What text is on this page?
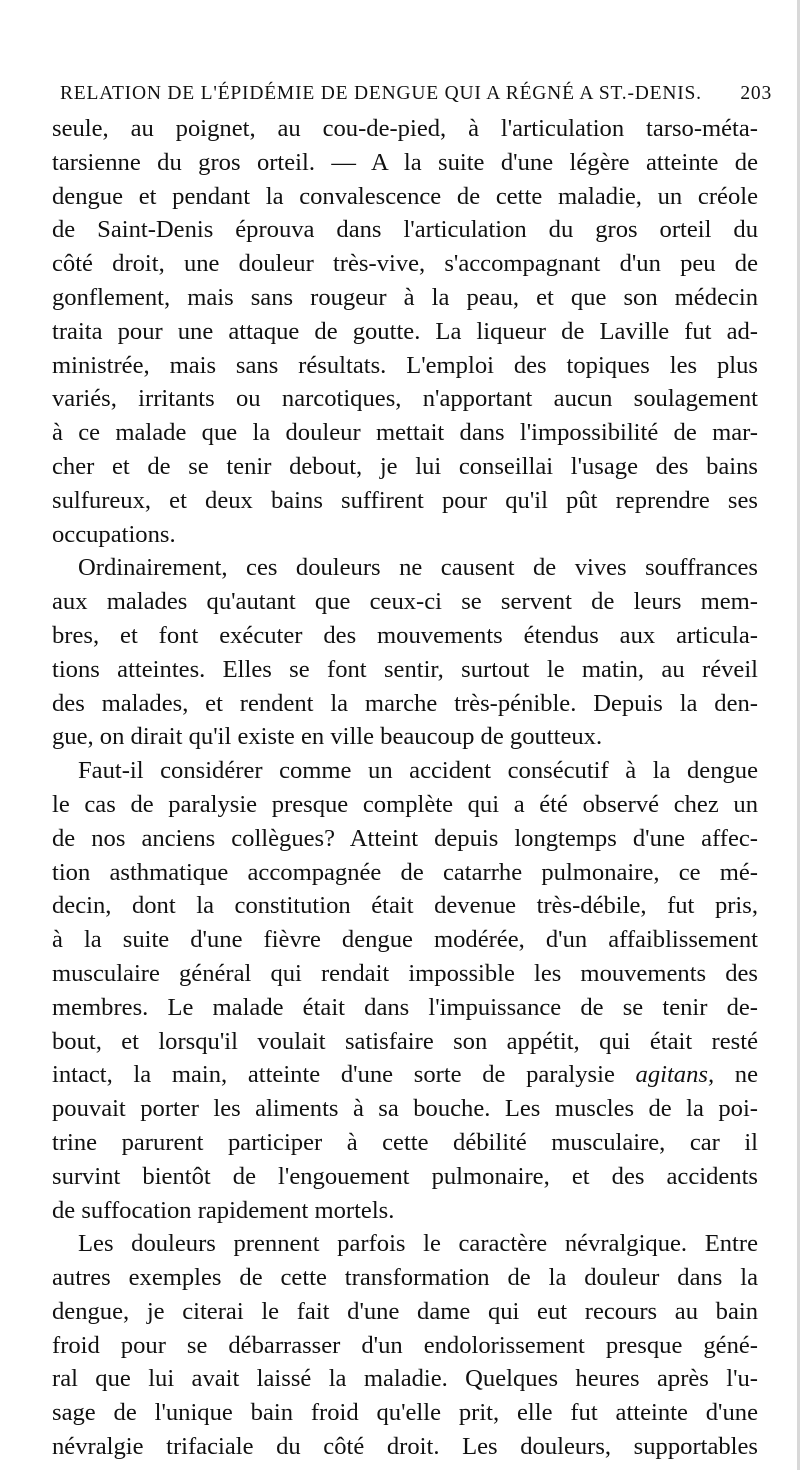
RELATION DE L'ÉPIDÉMIE DE DENGUE QUI A RÉGNÉ A ST.-DENIS. 203
seule, au poignet, au cou-de-pied, à l'articulation tarso-méta-
tarsienne du gros orteil. — A la suite d'une légère atteinte de
dengue et pendant la convalescence de cette maladie, un créole
de Saint-Denis éprouva dans l'articulation du gros orteil du
côté droit, une douleur très-vive, s'accompagnant d'un peu de
gonflement, mais sans rougeur à la peau, et que son médecin
traita pour une attaque de goutte. La liqueur de Laville fut ad-
ministrée, mais sans résultats. L'emploi des topiques les plus
variés, irritants ou narcotiques, n'apportant aucun soulagement
à ce malade que la douleur mettait dans l'impossibilité de mar-
cher et de se tenir debout, je lui conseillai l'usage des bains
sulfureux, et deux bains suffirent pour qu'il pût reprendre ses
occupations.
Ordinairement, ces douleurs ne causent de vives souffrances
aux malades qu'autant que ceux-ci se servent de leurs mem-
bres, et font exécuter des mouvements étendus aux articula-
tions atteintes. Elles se font sentir, surtout le matin, au réveil
des malades, et rendent la marche très-pénible. Depuis la den-
gue, on dirait qu'il existe en ville beaucoup de goutteux.
Faut-il considérer comme un accident consécutif à la dengue
le cas de paralysie presque complète qui a été observé chez un
de nos anciens collègues? Atteint depuis longtemps d'une affec-
tion asthmatique accompagnée de catarrhe pulmonaire, ce mé-
decin, dont la constitution était devenue très-débile, fut pris,
à la suite d'une fièvre dengue modérée, d'un affaiblissement
musculaire général qui rendait impossible les mouvements des
membres. Le malade était dans l'impuissance de se tenir de-
bout, et lorsqu'il voulait satisfaire son appétit, qui était resté
intact, la main, atteinte d'une sorte de paralysie agitans, ne
pouvait porter les aliments à sa bouche. Les muscles de la poi-
trine parurent participer à cette débilité musculaire, car il
survint bientôt de l'engouement pulmonaire, et des accidents
de suffocation rapidement mortels.
Les douleurs prennent parfois le caractère névralgique. Entre
autres exemples de cette transformation de la douleur dans la
dengue, je citerai le fait d'une dame qui eut recours au bain
froid pour se débarrasser d'un endolorissement presque géné-
ral que lui avait laissé la maladie. Quelques heures après l'u-
sage de l'unique bain froid qu'elle prit, elle fut atteinte d'une
névralgie trifaciale du côté droit. Les douleurs, supportables
